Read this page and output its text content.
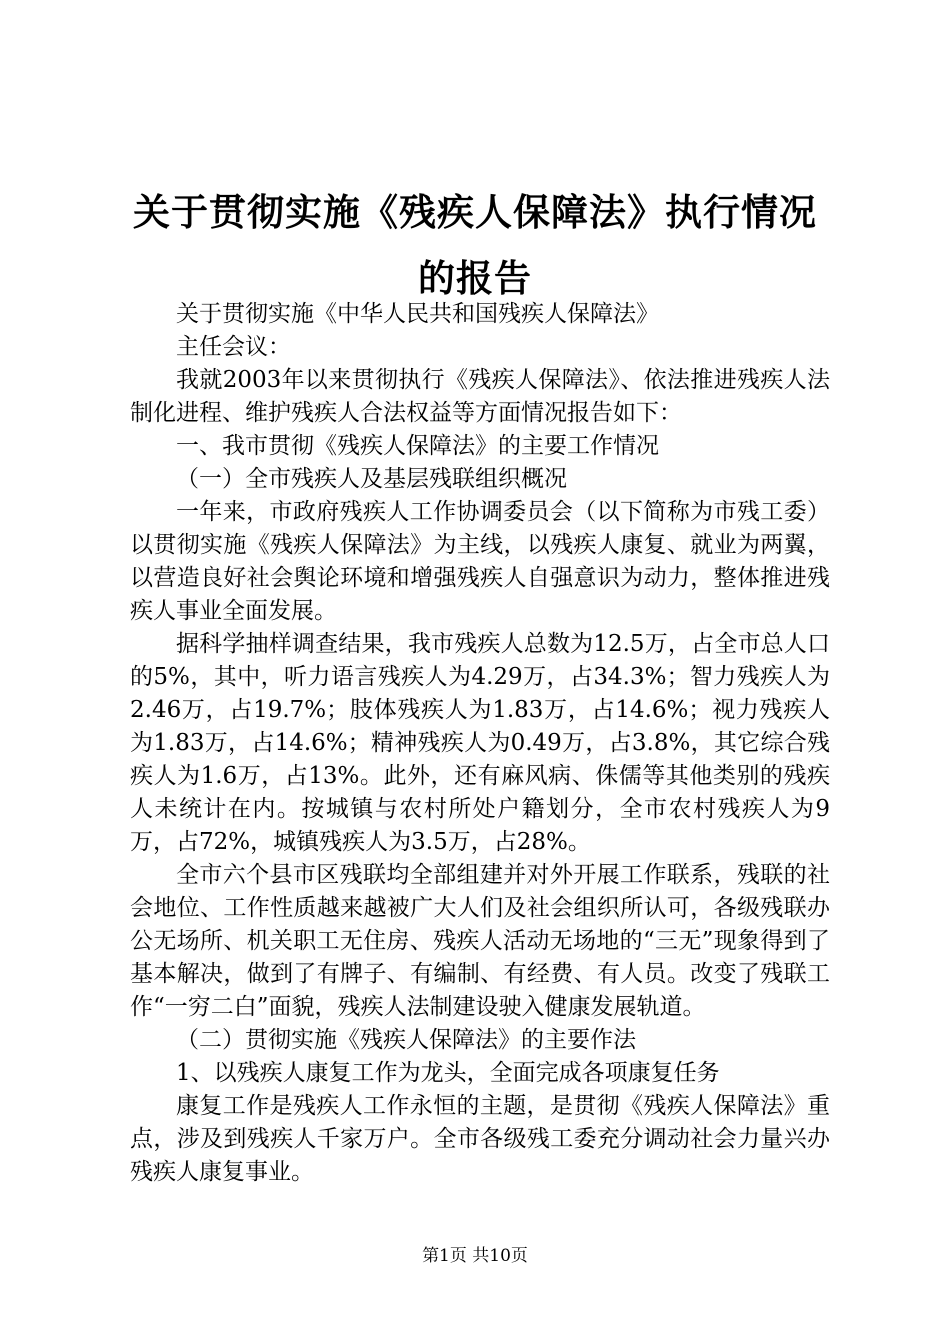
关于贯彻实施《残疾人保障法》执行情况的报告

关于贯彻实施《中华人民共和国残疾人保障法》

主任会议：

我就2003年以来贯彻执行《残疾人保障法》、依法推进残疾人法制化进程、维护残疾人合法权益等方面情况报告如下：

一、我市贯彻《残疾人保障法》的主要工作情况

（一）全市残疾人及基层残联组织概况

一年来，市政府残疾人工作协调委员会（以下简称为市残工委）以贯彻实施《残疾人保障法》为主线，以残疾人康复、就业为两翼，以营造良好社会舆论环境和增强残疾人自强意识为动力，整体推进残疾人事业全面发展。

据科学抽样调查结果，我市残疾人总数为12.5万，占全市总人口的5%，其中，听力语言残疾人为4.29万，占34.3%；智力残疾人为2.46万，占19.7%；肢体残疾人为1.83万，占14.6%；视力残疾人为1.83万，占14.6%；精神残疾人为0.49万，占3.8%，其它综合残疾人为1.6万，占13%。此外，还有麻风病、侏儒等其他类别的残疾人未统计在内。按城镇与农村所处户籍划分，全市农村残疾人为9万，占72%，城镇残疾人为3.5万，占28%。

全市六个县市区残联均全部组建并对外开展工作联系，残联的社会地位、工作性质越来越被广大人们及社会组织所认可，各级残联办公无场所、机关职工无住房、残疾人活动无场地的“三无”现象得到了基本解决，做到了有牌子、有编制、有经费、有人员。改变了残联工作“一穷二白”面貌，残疾人法制建设驶入健康发展轨道。

（二）贯彻实施《残疾人保障法》的主要作法

1、以残疾人康复工作为龙头，全面完成各项康复任务

康复工作是残疾人工作永恒的主题，是贯彻《残疾人保障法》重点，涉及到残疾人千家万户。全市各级残工委充分调动社会力量兴办残疾人康复事业。

第1页 共10页
